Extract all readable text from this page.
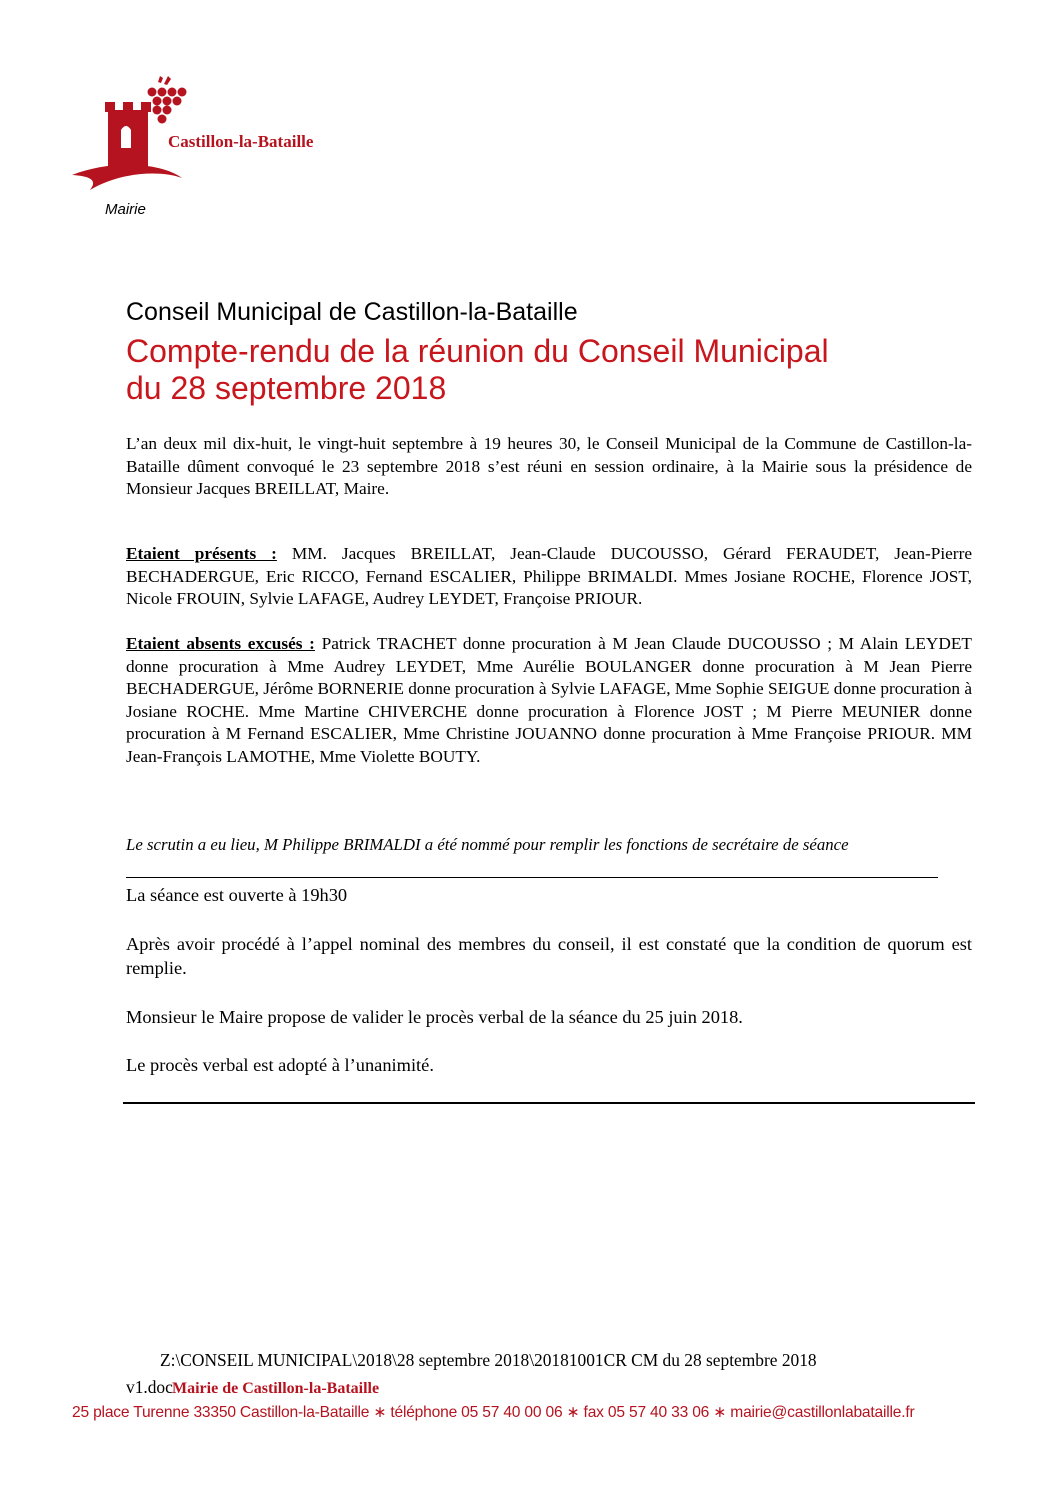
Castillon-la-Bataille
Mairie
Conseil Municipal de Castillon-la-Bataille
Compte-rendu de la réunion du Conseil Municipal
du 28 septembre 2018

L’an deux mil dix-huit, le vingt-huit septembre à 19 heures 30, le Conseil Municipal de la Commune de Castillon-la-Bataille dûment convoqué le 23 septembre 2018 s’est réuni en session ordinaire, à la Mairie sous la présidence de Monsieur Jacques BREILLAT, Maire.

Etaient présents : MM. Jacques BREILLAT, Jean-Claude DUCOUSSO, Gérard FERAUDET, Jean-Pierre BECHADERGUE, Eric RICCO, Fernand ESCALIER, Philippe BRIMALDI. Mmes Josiane ROCHE, Florence JOST, Nicole FROUIN, Sylvie LAFAGE, Audrey LEYDET, Françoise PRIOUR.

Etaient absents excusés : Patrick TRACHET donne procuration à M Jean Claude DUCOUSSO ; M Alain LEYDET donne procuration à Mme Audrey LEYDET, Mme Aurélie BOULANGER donne procuration à M Jean Pierre BECHADERGUE, Jérôme BORNERIE donne procuration à Sylvie LAFAGE, Mme Sophie SEIGUE donne procuration à Josiane ROCHE. Mme Martine CHIVERCHE donne procuration à Florence JOST ; M Pierre MEUNIER donne procuration à M Fernand ESCALIER, Mme Christine JOUANNO donne procuration à Mme Françoise PRIOUR. MM Jean-François LAMOTHE, Mme Violette BOUTY.

Le scrutin a eu lieu, M Philippe BRIMALDI a été nommé pour remplir les fonctions de secrétaire de séance

La séance est ouverte à 19h30

Après avoir procédé à l’appel nominal des membres du conseil, il est constaté que la condition de quorum est remplie.

Monsieur le Maire propose de valider le procès verbal de la séance du 25 juin 2018.

Le procès verbal est adopté à l’unanimité.

Z:\CONSEIL MUNICIPAL\2018\28 septembre 2018\20181001CR CM du 28 septembre 2018
v1.doc Mairie de Castillon-la-Bataille
25 place Turenne 33350 Castillon-la-Bataille ∗ téléphone 05 57 40 00 06 ∗ fax 05 57 40 33 06 ∗ mairie@castillonlabataille.fr
